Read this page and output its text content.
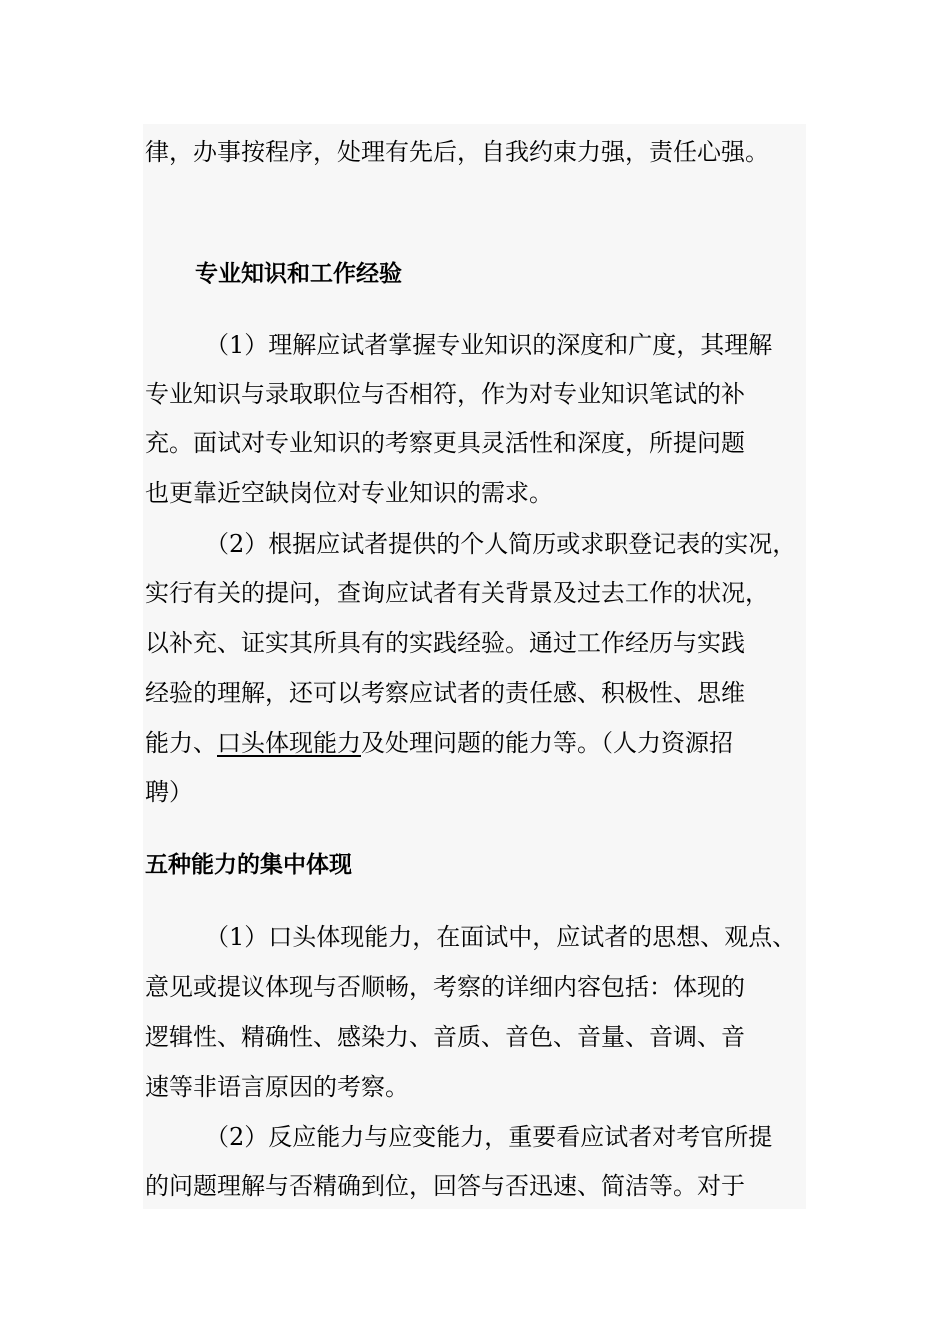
律，办事按程序，处理有先后，自我约束力强，责任心强。
专业知识和工作经验
（1）理解应试者掌握专业知识的深度和广度，其理解
专业知识与录取职位与否相符，作为对专业知识笔试的补
充。面试对专业知识的考察更具灵活性和深度，所提问题
也更靠近空缺岗位对专业知识的需求。
（2）根据应试者提供的个人简历或求职登记表的实况，
实行有关的提问，查询应试者有关背景及过去工作的状况，
以补充、证实其所具有的实践经验。通过工作经历与实践
经验的理解，还可以考察应试者的责任感、积极性、思维
能力、口头体现能力及处理问题的能力等。（人力资源招
聘）
五种能力的集中体现
（1）口头体现能力，在面试中，应试者的思想、观点、
意见或提议体现与否顺畅，考察的详细内容包括：体现的
逻辑性、精确性、感染力、音质、音色、音量、音调、音
速等非语言原因的考察。
（2）反应能力与应变能力，重要看应试者对考官所提
的问题理解与否精确到位，回答与否迅速、简洁等。对于
